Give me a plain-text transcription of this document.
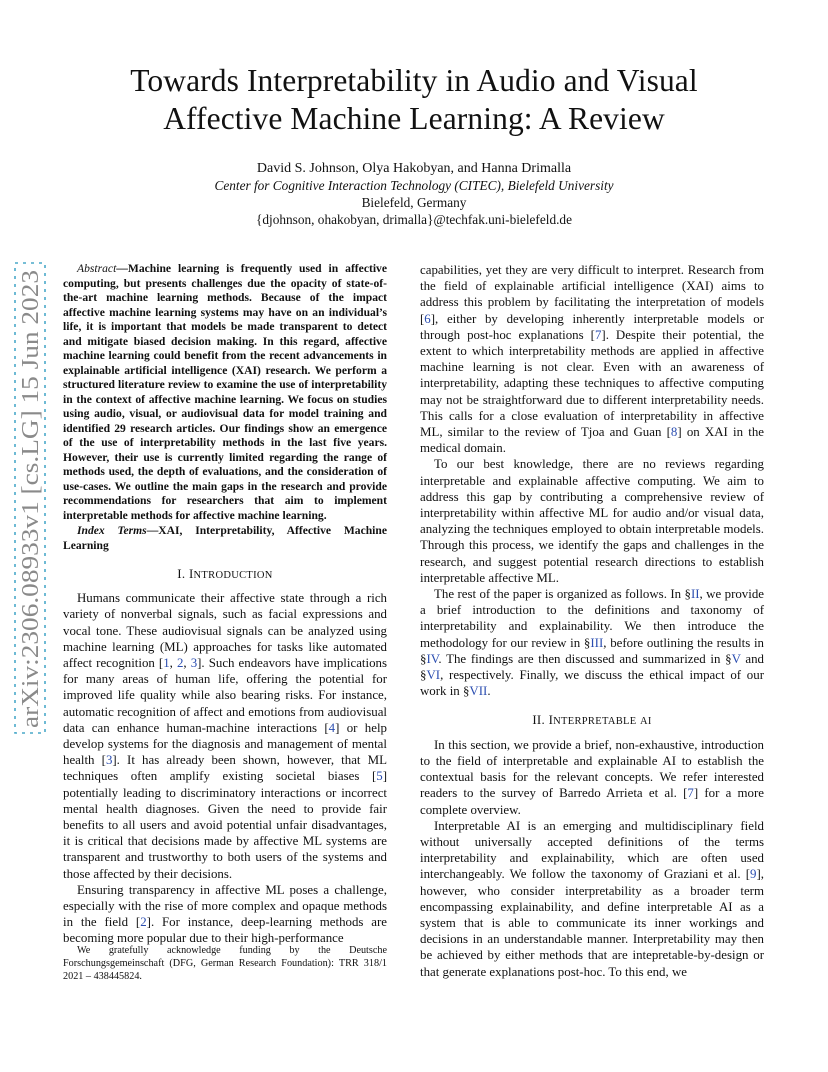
arXiv:2306.08933v1 [cs.LG] 15 Jun 2023
Towards Interpretability in Audio and Visual
Affective Machine Learning: A Review
David S. Johnson, Olya Hakobyan, and Hanna Drimalla
Center for Cognitive Interaction Technology (CITEC), Bielefeld University
Bielefeld, Germany
{djohnson, ohakobyan, drimalla}@techfak.uni-bielefeld.de

Abstract—Machine learning is frequently used in affective computing, but presents challenges due the opacity of state-of-the-art machine learning methods. Because of the impact affective machine learning systems may have on an individual’s life, it is important that models be made transparent to detect and mitigate biased decision making. In this regard, affective machine learning could benefit from the recent advancements in explainable artificial intelligence (XAI) research. We perform a structured literature review to examine the use of interpretability in the context of affective machine learning. We focus on studies using audio, visual, or audiovisual data for model training and identified 29 research articles. Our findings show an emergence of the use of interpretability methods in the last five years. However, their use is currently limited regarding the range of methods used, the depth of evaluations, and the consideration of use-cases. We outline the main gaps in the research and provide recommendations for researchers that aim to implement interpretable methods for affective machine learning.

Index Terms—XAI, Interpretability, Affective Machine Learning

I. INTRODUCTION

Humans communicate their affective state through a rich variety of nonverbal signals, such as facial expressions and vocal tone. These audiovisual signals can be analyzed using machine learning (ML) approaches for tasks like automated affect recognition [1, 2, 3]. Such endeavors have implications for many areas of human life, offering the potential for improved life quality while also bearing risks. For instance, automatic recognition of affect and emotions from audiovisual data can enhance human-machine interactions [4] or help develop systems for the diagnosis and management of mental health [3]. It has already been shown, however, that ML techniques often amplify existing societal biases [5] potentially leading to discriminatory interactions or incorrect mental health diagnoses. Given the need to provide fair benefits to all users and avoid potential unfair disadvantages, it is critical that decisions made by affective ML systems are transparent and trustworthy to both users of the systems and those affected by their decisions.

Ensuring transparency in affective ML poses a challenge, especially with the rise of more complex and opaque methods in the field [2]. For instance, deep-learning methods are becoming more popular due to their high-performance

We gratefully acknowledge funding by the Deutsche Forschungsgemeinschaft (DFG, German Research Foundation): TRR 318/1 2021 – 438445824.

capabilities, yet they are very difficult to interpret. Research from the field of explainable artificial intelligence (XAI) aims to address this problem by facilitating the interpretation of models [6], either by developing inherently interpretable models or through post-hoc explanations [7]. Despite their potential, the extent to which interpretability methods are applied in affective machine learning is not clear. Even with an awareness of interpretability, adapting these techniques to affective computing may not be straightforward due to different interpretability needs. This calls for a close evaluation of interpretability in affective ML, similar to the review of Tjoa and Guan [8] on XAI in the medical domain.

To our best knowledge, there are no reviews regarding interpretable and explainable affective computing. We aim to address this gap by contributing a comprehensive review of interpretability within affective ML for audio and/or visual data, analyzing the techniques employed to obtain interpretable models. Through this process, we identify the gaps and challenges in the research, and suggest potential research directions to establish interpretable affective ML.

The rest of the paper is organized as follows. In §II, we provide a brief introduction to the definitions and taxonomy of interpretability and explainability. We then introduce the methodology for our review in §III, before outlining the results in §IV. The findings are then discussed and summarized in §V and §VI, respectively. Finally, we discuss the ethical impact of our work in §VII.

II. INTERPRETABLE AI

In this section, we provide a brief, non-exhaustive, introduction to the field of interpretable and explainable AI to establish the contextual basis for the relevant concepts. We refer interested readers to the survey of Barredo Arrieta et al. [7] for a more complete overview.

Interpretable AI is an emerging and multidisciplinary field without universally accepted definitions of the terms interpretability and explainability, which are often used interchangeably. We follow the taxonomy of Graziani et al. [9], however, who consider interpretability as a broader term encompassing explainability, and define interpretable AI as a system that is able to communicate its inner workings and decisions in an understandable manner. Interpretability may then be achieved by either methods that are intepretable-by-design or that generate explanations post-hoc. To this end, we
